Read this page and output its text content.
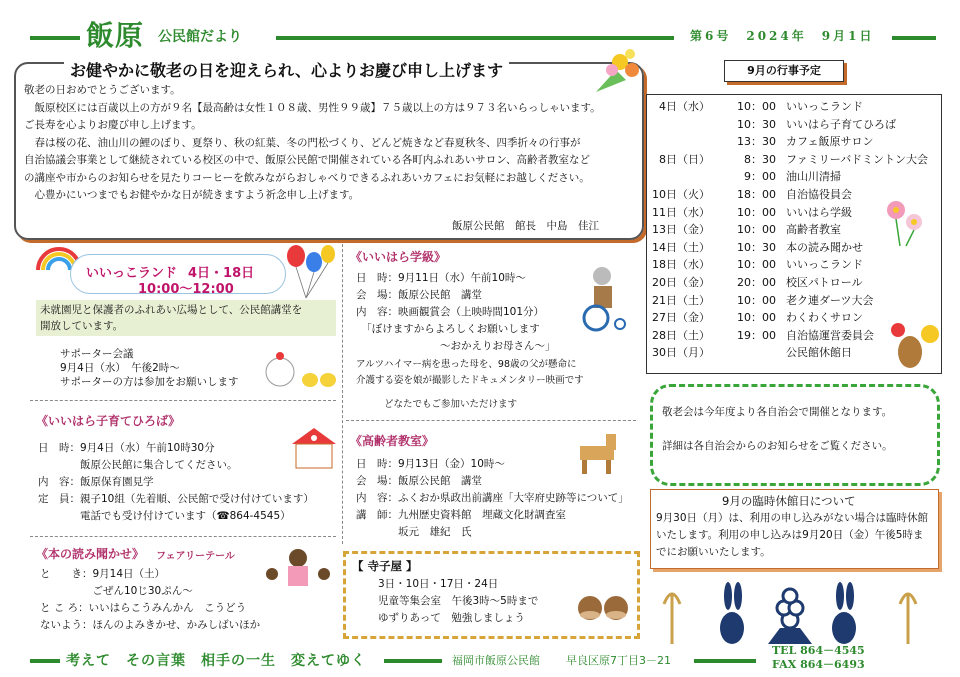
飯原 公民館だより	第6号　2024年　9月1日
お健やかに敬老の日を迎えられ、心よりお慶び申し上げます
敬老の日おめでとうございます。
　飯原校区には百歳以上の方が９名【最高齢は女性１０８歳、男性９９歳】７５歳以上の方は９７３名いらっしゃいます。
ご長寿を心よりお慶び申し上げます。
　春は桜の花、油山川の鯉のぼり、夏祭り、秋の紅葉、冬の門松づくり、どんど焼きなど春夏秋冬、四季折々の行事が
自治協議会事業として継続されている校区の中で、飯原公民館で開催されている各町内ふれあいサロン、高齢者教室など
の講座や市からのお知らせを見たりコーヒーを飲みながらおしゃべりできるふれあいカフェにお気軽にお越しください。
　心豊かにいつまでもお健やかな日が続きますよう祈念申し上げます。
飯原公民館　館長　中島　佳江
いいっこランド 4日・18日
10:00～12:00
未就園児と保護者のふれあい広場として、公民館講堂を
開放しています。
サポーター会議
9月4日（水）　午後2時～
サポーターの方は参加をお願いします
《いいはら子育てひろば》
日　時：9月4日（水）午前10時30分
　　　　飯原公民館に集合してください。
内　容：飯原保育園見学
定　員：親子10組（先着順、公民館で受け付けています）
　　　　電話でも受け付けています（☎864-4545）
《本の読み聞かせ》 フェアリーテール
と　　き：9月14日（土）
　　　　　ごぜん10じ30ぷん～
と こ ろ：いいはらこうみんかん　こうどう
ないよう：ほんのよみきかせ、かみしばいほか
《いいはら学級》
日　時：9月11日（水）午前10時～
会　場：飯原公民館　講堂
内　容：映画観賞会（上映時間101分）
　「ぼけますからよろしくお願いします
　　　　　　　　～おかえりお母さん～」
アルツハイマー病を患った母を、98歳の父が懸命に
介護する姿を娘が撮影したドキュメンタリー映画です
どなたでもご参加いただけます
《高齢者教室》
日　時：9月13日（金）10時～
会　場：飯原公民館　講堂
内　容：ふくおか県政出前講座「大宰府史跡等について」
講　師：九州歴史資料館　埋蔵文化財調査室
　　　　坂元　雄紀　氏
【 寺子屋 】
3日・10日・17日・24日
児童等集会室　午後3時～5時まで
ゆずりあって　勉強しましょう
9月の行事予定
4日（水）	10：00 いいっこランド
10：30 いいはら子育てひろば
13：30 カフェ飯原サロン
8日（日）	8：30 ファミリーバドミントン大会
9：00 油山川清掃
10日（火）	18：00 自治協役員会
11日（水）	10：00 いいはら学級
13日（金）	10：00 高齢者教室
14日（土）	10：30 本の読み聞かせ
18日（水）	10：00 いいっこランド
20日（金）	20：00 校区パトロール
21日（土）	10：00 老ク連ダーツ大会
27日（金）	10：00 わくわくサロン
28日（土）	19：00 自治協運営委員会
30日（月）	公民館休館日
敬老会は今年度より各自治会で開催となります。
詳細は各自治会からのお知らせをご覧ください。
9月の臨時休館日について
9月30日（月）は、利用の申し込みがない場合は臨時休館
いたします。利用の申し込みは9月20日（金）午後5時ま
でにお願いいたします。
考えて　その言葉　相手の一生　変えてゆく	福岡市飯原公民館 早良区原7丁目3－21
TEL 864－4545
FAX 864－6493
